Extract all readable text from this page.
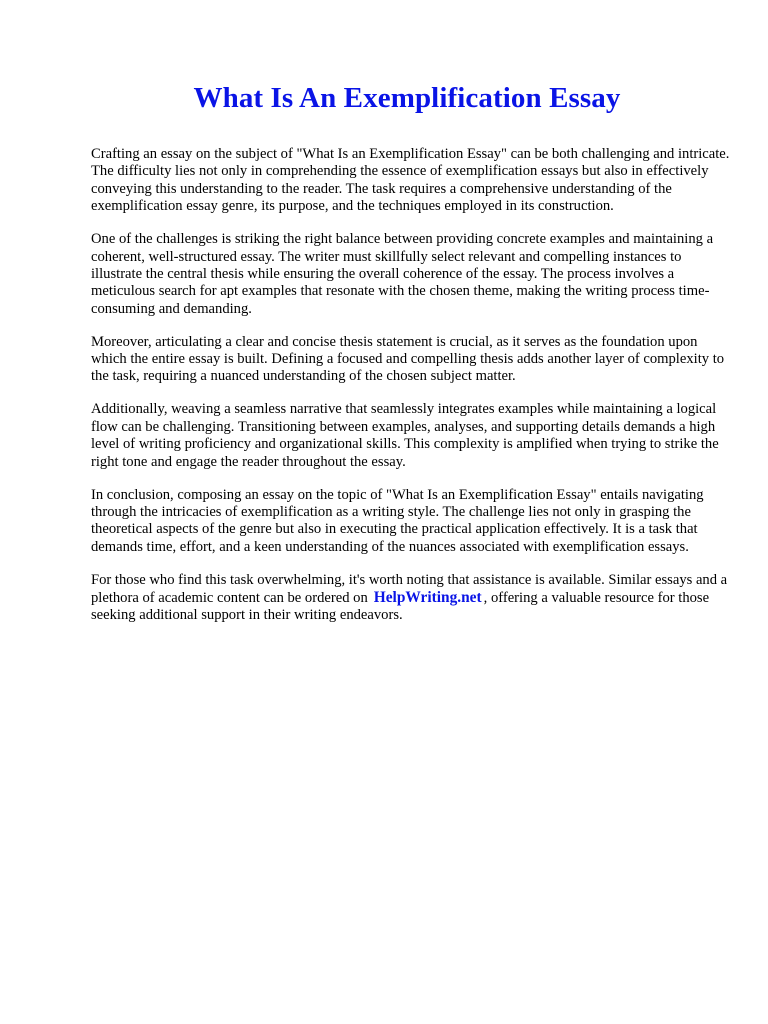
What Is An Exemplification Essay

Crafting an essay on the subject of "What Is an Exemplification Essay" can be both challenging and intricate. The difficulty lies not only in comprehending the essence of exemplification essays but also in effectively conveying this understanding to the reader. The task requires a comprehensive understanding of the exemplification essay genre, its purpose, and the techniques employed in its construction.

One of the challenges is striking the right balance between providing concrete examples and maintaining a coherent, well-structured essay. The writer must skillfully select relevant and compelling instances to illustrate the central thesis while ensuring the overall coherence of the essay. The process involves a meticulous search for apt examples that resonate with the chosen theme, making the writing process time-consuming and demanding.

Moreover, articulating a clear and concise thesis statement is crucial, as it serves as the foundation upon which the entire essay is built. Defining a focused and compelling thesis adds another layer of complexity to the task, requiring a nuanced understanding of the chosen subject matter.

Additionally, weaving a seamless narrative that seamlessly integrates examples while maintaining a logical flow can be challenging. Transitioning between examples, analyses, and supporting details demands a high level of writing proficiency and organizational skills. This complexity is amplified when trying to strike the right tone and engage the reader throughout the essay.

In conclusion, composing an essay on the topic of "What Is an Exemplification Essay" entails navigating through the intricacies of exemplification as a writing style. The challenge lies not only in grasping the theoretical aspects of the genre but also in executing the practical application effectively. It is a task that demands time, effort, and a keen understanding of the nuances associated with exemplification essays.

For those who find this task overwhelming, it's worth noting that assistance is available. Similar essays and a plethora of academic content can be ordered on HelpWriting.net , offering a valuable resource for those seeking additional support in their writing endeavors.
